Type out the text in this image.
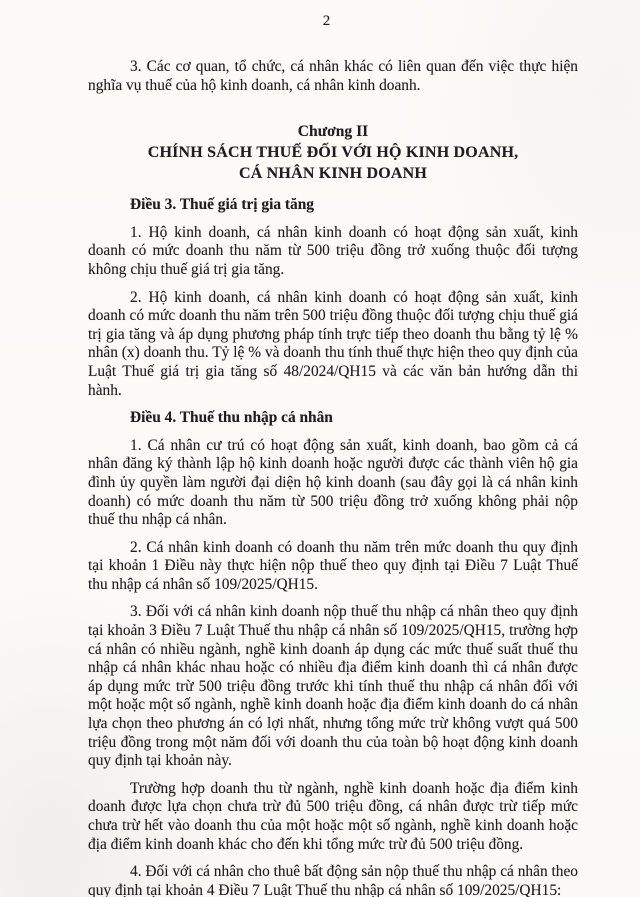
2

3. Các cơ quan, tổ chức, cá nhân khác có liên quan đến việc thực hiện nghĩa vụ thuế của hộ kinh doanh, cá nhân kinh doanh.

Chương II
CHÍNH SÁCH THUẾ ĐỐI VỚI HỘ KINH DOANH,
CÁ NHÂN KINH DOANH

Điều 3. Thuế giá trị gia tăng

1. Hộ kinh doanh, cá nhân kinh doanh có hoạt động sản xuất, kinh doanh có mức doanh thu năm từ 500 triệu đồng trở xuống thuộc đối tượng không chịu thuế giá trị gia tăng.

2. Hộ kinh doanh, cá nhân kinh doanh có hoạt động sản xuất, kinh doanh có mức doanh thu năm trên 500 triệu đồng thuộc đối tượng chịu thuế giá trị gia tăng và áp dụng phương pháp tính trực tiếp theo doanh thu bằng tỷ lệ % nhân (x) doanh thu. Tỷ lệ % và doanh thu tính thuế thực hiện theo quy định của Luật Thuế giá trị gia tăng số 48/2024/QH15 và các văn bản hướng dẫn thi hành.

Điều 4. Thuế thu nhập cá nhân

1. Cá nhân cư trú có hoạt động sản xuất, kinh doanh, bao gồm cả cá nhân đăng ký thành lập hộ kinh doanh hoặc người được các thành viên hộ gia đình ủy quyền làm người đại diện hộ kinh doanh (sau đây gọi là cá nhân kinh doanh) có mức doanh thu năm từ 500 triệu đồng trở xuống không phải nộp thuế thu nhập cá nhân.

2. Cá nhân kinh doanh có doanh thu năm trên mức doanh thu quy định tại khoản 1 Điều này thực hiện nộp thuế theo quy định tại Điều 7 Luật Thuế thu nhập cá nhân số 109/2025/QH15.

3. Đối với cá nhân kinh doanh nộp thuế thu nhập cá nhân theo quy định tại khoản 3 Điều 7 Luật Thuế thu nhập cá nhân số 109/2025/QH15, trường hợp cá nhân có nhiều ngành, nghề kinh doanh áp dụng các mức thuế suất thuế thu nhập cá nhân khác nhau hoặc có nhiều địa điểm kinh doanh thì cá nhân được áp dụng mức trừ 500 triệu đồng trước khi tính thuế thu nhập cá nhân đối với một hoặc một số ngành, nghề kinh doanh hoặc địa điểm kinh doanh do cá nhân lựa chọn theo phương án có lợi nhất, nhưng tổng mức trừ không vượt quá 500 triệu đồng trong một năm đối với doanh thu của toàn bộ hoạt động kinh doanh quy định tại khoản này.

Trường hợp doanh thu từ ngành, nghề kinh doanh hoặc địa điểm kinh doanh được lựa chọn chưa trừ đủ 500 triệu đồng, cá nhân được trừ tiếp mức chưa trừ hết vào doanh thu của một hoặc một số ngành, nghề kinh doanh hoặc địa điểm kinh doanh khác cho đến khi tổng mức trừ đủ 500 triệu đồng.

4. Đối với cá nhân cho thuê bất động sản nộp thuế thu nhập cá nhân theo quy định tại khoản 4 Điều 7 Luật Thuế thu nhập cá nhân số 109/2025/QH15:
